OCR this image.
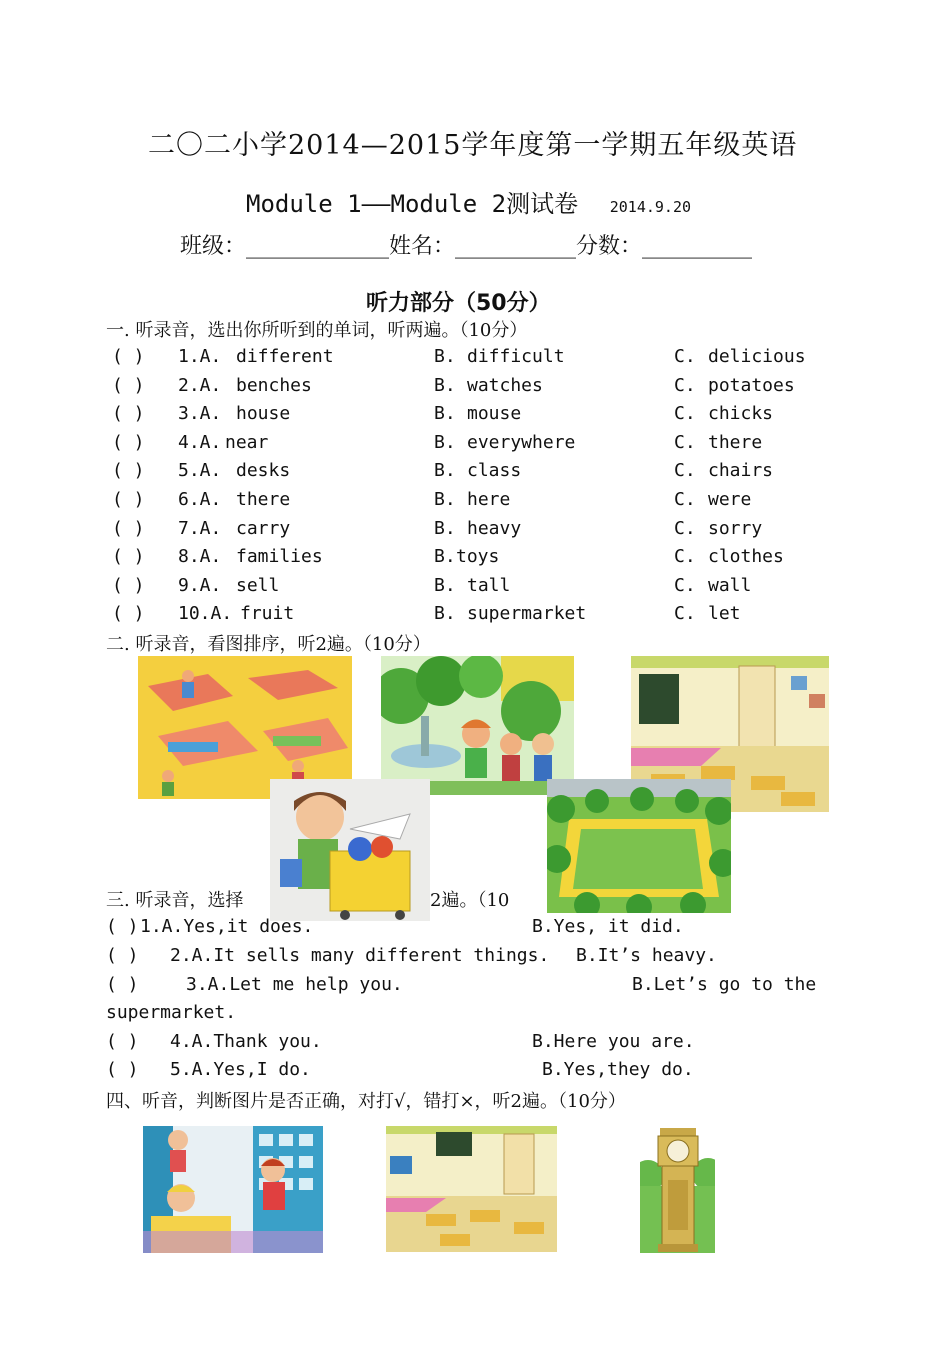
二〇二小学2014—2015学年度第一学期五年级英语
Module 1——Module 2测试卷 2014.9.20
班级：_____________姓名：___________分数：__________
听力部分（50分）
一. 听录音，选出你所听到的单词，听两遍。（10分）
( ) 1.A. different	B. difficult	C. delicious
( ) 2.A. benches	B. watches	C. potatoes
( ) 3.A. house	B. mouse	C. chicks
( ) 4.A. near	B. everywhere	C. there
( ) 5.A. desks	B. class	C. chairs
( ) 6.A. there	B. here	C. were
( ) 7.A. carry	B. heavy	C. sorry
( ) 8.A. families	B. toys	C. clothes
( ) 9.A. sell	B. tall	C. wall
( ) 10.A. fruit	B. supermarket	C. let
二. 听录音，看图排序，听2遍。（10分）
三. 听录音，选择	2遍。（10
( ) 1.A.Yes,it does.	B.Yes, it did.
( ) 2.A.It sells many different things. B.It’s heavy.
( )	3.A.Let me help you.	B.Let’s go to the
supermarket.
( ) 4.A.Thank you.	B.Here you are.
( ) 5.A.Yes,I do.	B.Yes,they do.
四、听音，判断图片是否正确，对打√，错打×，听2遍。（10分）
